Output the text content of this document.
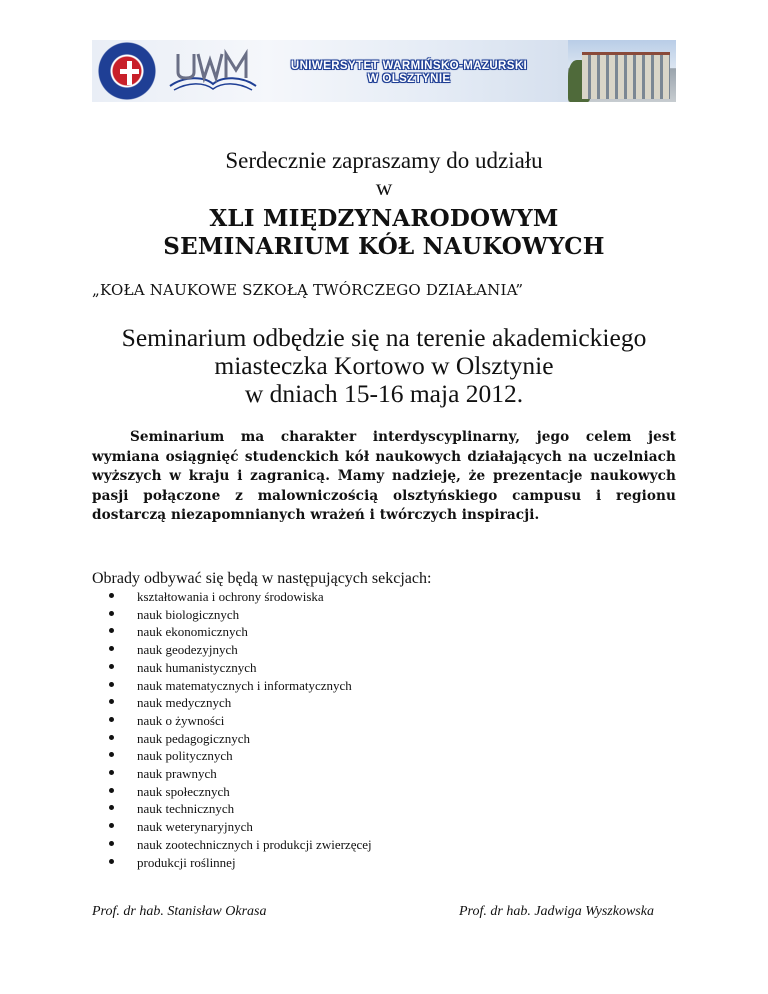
UNIWERSYTET WARMIŃSKO-MAZURSKI
W OLSZTYNIE
Serdecznie zapraszamy do udziału
w
XLI MIĘDZYNARODOWYM
SEMINARIUM KÓŁ NAUKOWYCH
„KOŁA NAUKOWE SZKOŁĄ TWÓRCZEGO DZIAŁANIA”
Seminarium odbędzie się na terenie akademickiego
miasteczka Kortowo w Olsztynie
w dniach 15-16 maja 2012.
Seminarium ma charakter interdyscyplinarny, jego celem jest wymiana osiągnięć studenckich kół naukowych działających na uczelniach wyższych w kraju i zagranicą. Mamy nadzieję, że prezentacje naukowych pasji połączone z malowniczością olsztyńskiego campusu i regionu dostarczą niezapomnianych wrażeń i twórczych inspiracji.
Obrady odbywać się będą w następujących sekcjach:
kształtowania i ochrony środowiska
nauk biologicznych
nauk ekonomicznych
nauk geodezyjnych
nauk humanistycznych
nauk matematycznych i informatycznych
nauk medycznych
nauk o żywności
nauk pedagogicznych
nauk politycznych
nauk prawnych
nauk społecznych
nauk technicznych
nauk weterynaryjnych
nauk zootechnicznych i produkcji zwierzęcej
produkcji roślinnej
Prof. dr hab. Stanisław Okrasa	Prof. dr hab. Jadwiga Wyszkowska
